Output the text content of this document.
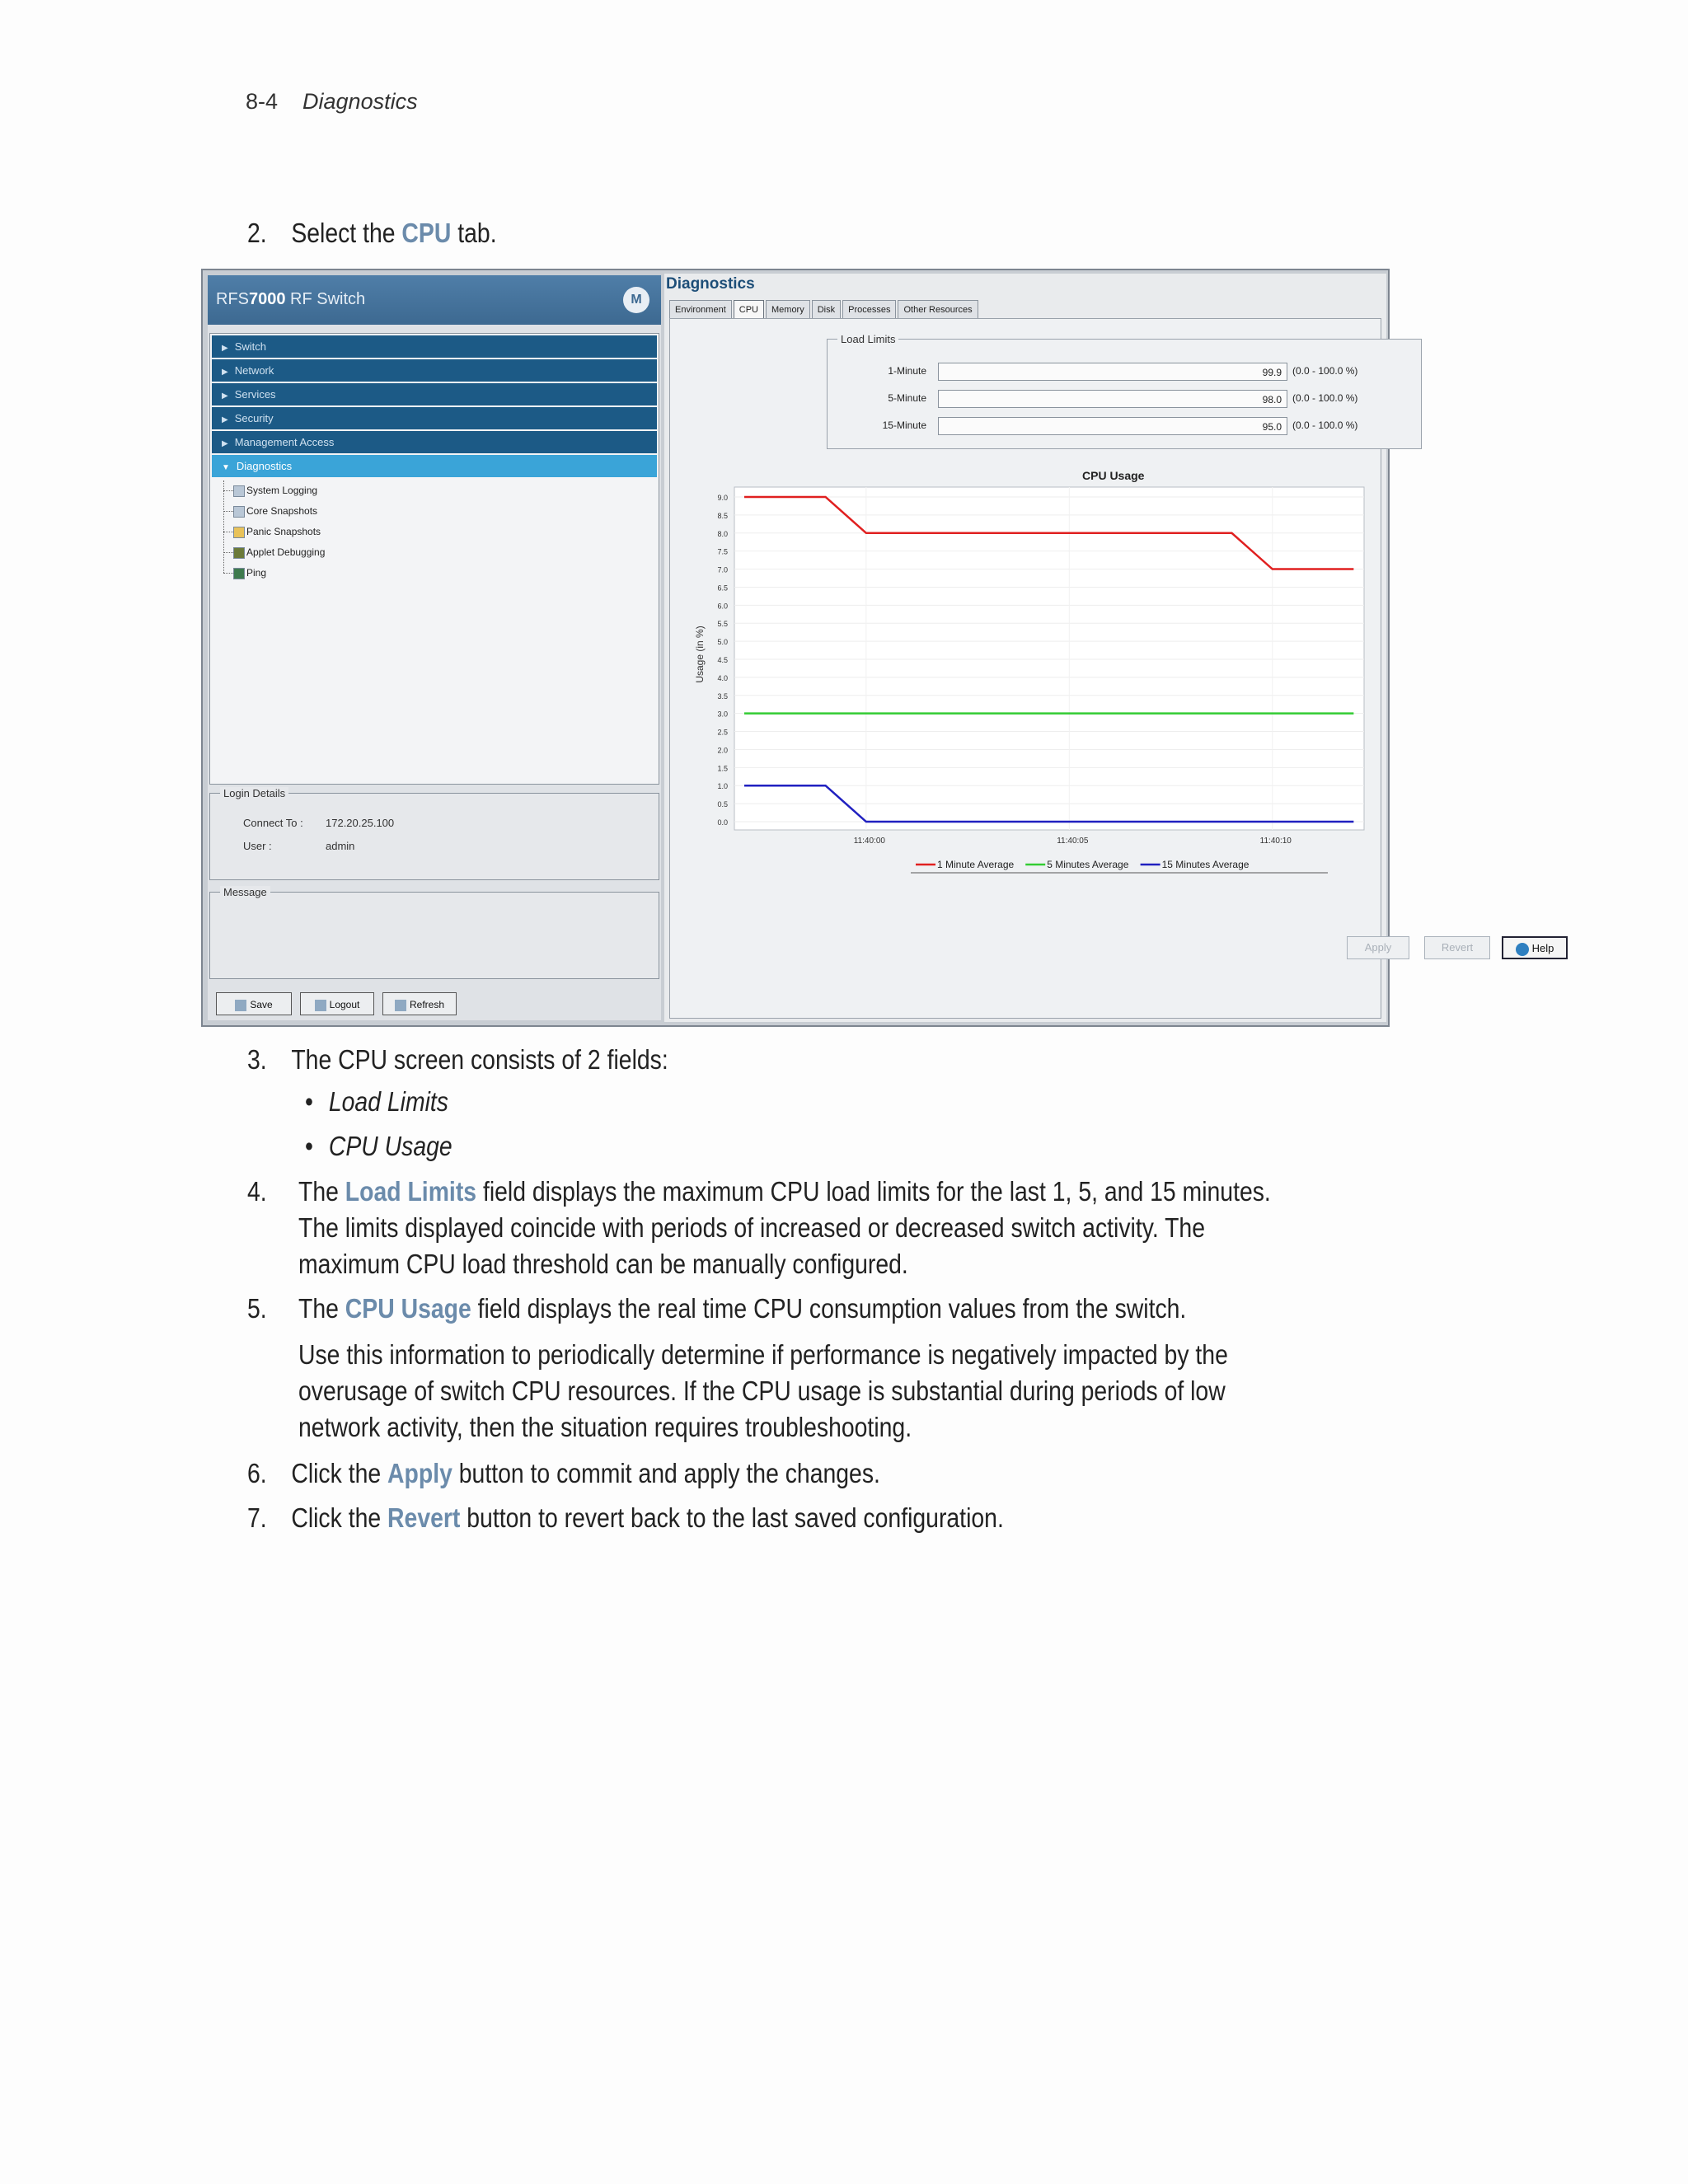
8-4 Diagnostics
2. Select the CPU tab.
RFS7000 RF Switch	M
▶ Switch
▶ Network
▶ Services
▶ Security
▶ Management Access
▼ Diagnostics
System Logging
Core Snapshots
Panic Snapshots
Applet Debugging
Ping
Login Details
Connect To : 172.20.25.100
User :	admin
Message
Save	Logout	Refresh
Diagnostics
Environment CPU Memory Disk Processes Other Resources
Load Limits
1-Minute	99.9	(0.0 - 100.0 %)
5-Minute	98.0	(0.0 - 100.0 %)
15-Minute	95.0	(0.0 - 100.0 %)
CPU Usage
0.0
0.5
1.0
1.5
2.0
2.5
3.0
3.5
4.0
4.5
5.0
5.5
6.0
6.5
7.0
7.5
8.0
8.5
9.0
11:40:00	11:40:05	11:40:10
Usage (in %)
1 Minute Average	5 Minutes Average	15 Minutes Average
Apply	Revert	Help
3. The CPU screen consists of 2 fields:
• Load Limits
• CPU Usage
4.	The Load Limits field displays the maximum CPU load limits for the last 1, 5, and 15 minutes. The limits displayed coincide with periods of increased or decreased switch activity. The maximum CPU load threshold can be manually configured.
5.	The CPU Usage field displays the real time CPU consumption values from the switch.
Use this information to periodically determine if performance is negatively impacted by the overusage of switch CPU resources. If the CPU usage is substantial during periods of low network activity, then the situation requires troubleshooting.
6. Click the Apply button to commit and apply the changes.
7. Click the Revert button to revert back to the last saved configuration.
